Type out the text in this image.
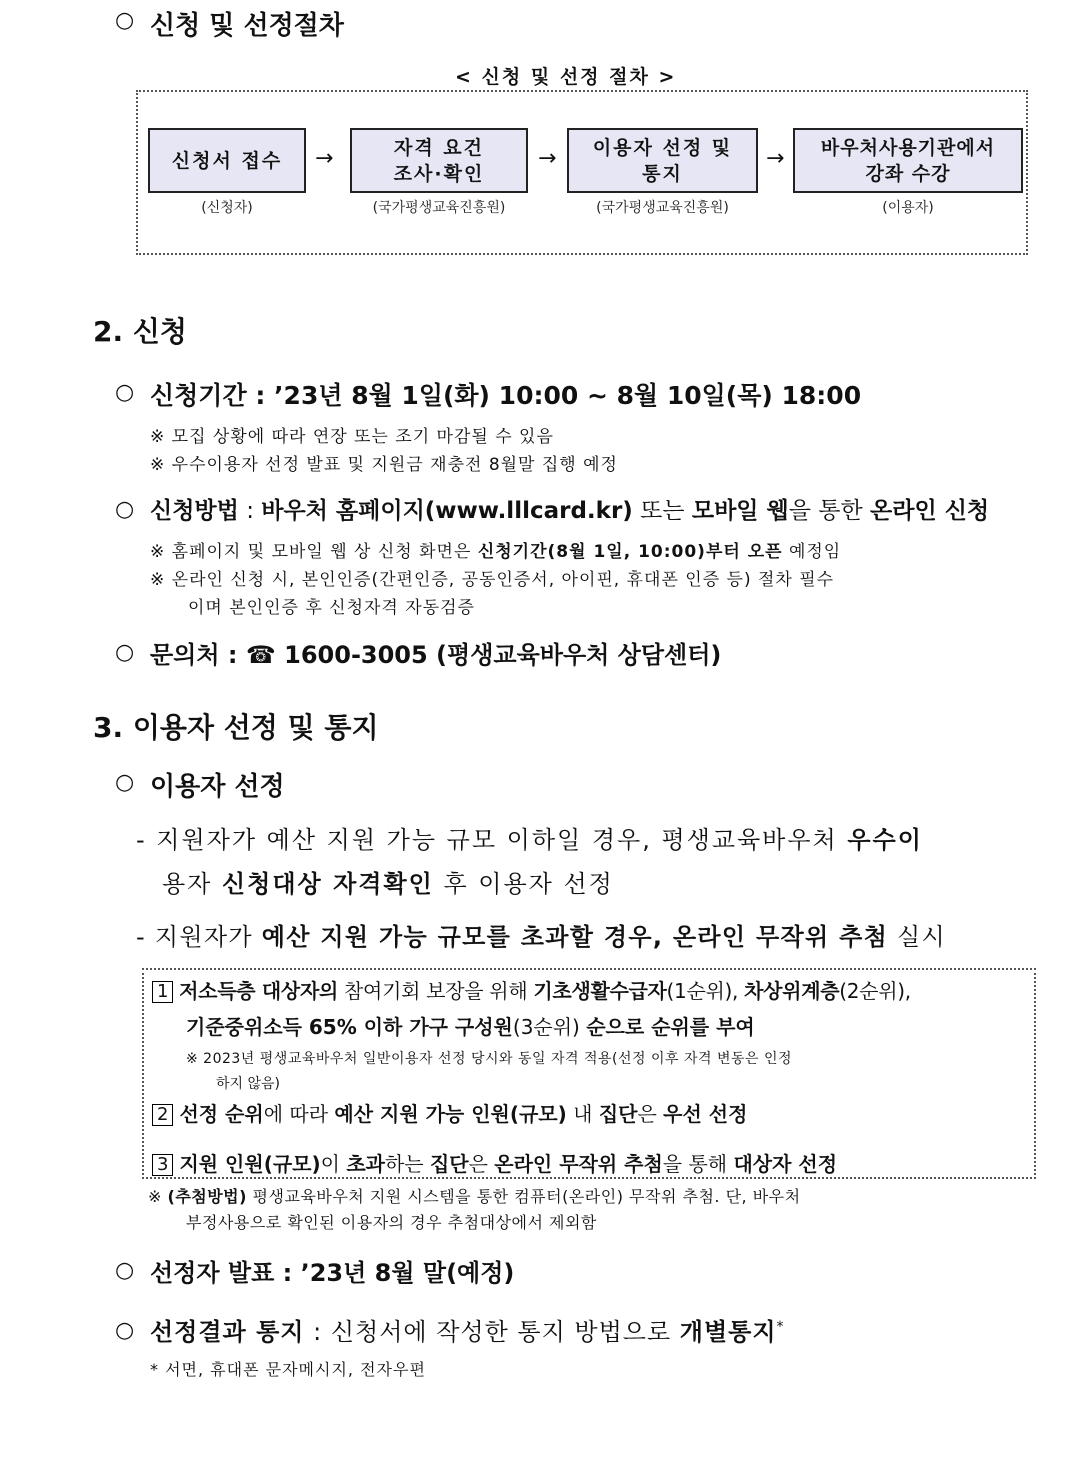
○ 신청 및 선정절차
< 신청 및 선정 절차 >
신청서 접수
(신청자)
→	자격 요건
조사·확인
(국가평생교육진흥원)
→ 이용자 선정 및
통지
(국가평생교육진흥원)
→ 바우처사용기관에서
강좌 수강
(이용자)
2. 신청
○ 신청기간 : ’23년 8월 1일(화) 10:00 ~ 8월 10일(목) 18:00
※ 모집 상황에 따라 연장 또는 조기 마감될 수 있음
※ 우수이용자 선정 발표 및 지원금 재충전 8월말 집행 예정
○ 신청방법 : 바우처 홈페이지(www.lllcard.kr) 또는 모바일 웹을 통한 온라인 신청
※ 홈페이지 및 모바일 웹 상 신청 화면은 신청기간(8월 1일, 10:00)부터 오픈 예정임
※ 온라인 신청 시, 본인인증(간편인증, 공동인증서, 아이핀, 휴대폰 인증 등) 절차 필수
이며 본인인증 후 신청자격 자동검증
○ 문의처 : ☎ 1600-3005 (평생교육바우처 상담센터)
3. 이용자 선정 및 통지
○ 이용자 선정
- 지원자가 예산 지원 가능 규모 이하일 경우, 평생교육바우처 우수이
용자 신청대상 자격확인 후 이용자 선정
- 지원자가 예산 지원 가능 규모를 초과할 경우, 온라인 무작위 추첨 실시
1 저소득층 대상자의 참여기회 보장을 위해 기초생활수급자(1순위), 차상위계층(2순위),
기준중위소득 65% 이하 가구 구성원(3순위) 순으로 순위를 부여
※ 2023년 평생교육바우처 일반이용자 선정 당시와 동일 자격 적용(선정 이후 자격 변동은 인정
하지 않음)
2 선정 순위에 따라 예산 지원 가능 인원(규모) 내 집단은 우선 선정
3 지원 인원(규모)이 초과하는 집단은 온라인 무작위 추첨을 통해 대상자 선정
※ (추첨방법) 평생교육바우처 지원 시스템을 통한 컴퓨터(온라인) 무작위 추첨. 단, 바우처
부정사용으로 확인된 이용자의 경우 추첨대상에서 제외함
○ 선정자 발표 : ’23년 8월 말(예정)
○ 선정결과 통지 : 신청서에 작성한 통지 방법으로 개별통지*
* 서면, 휴대폰 문자메시지, 전자우편
